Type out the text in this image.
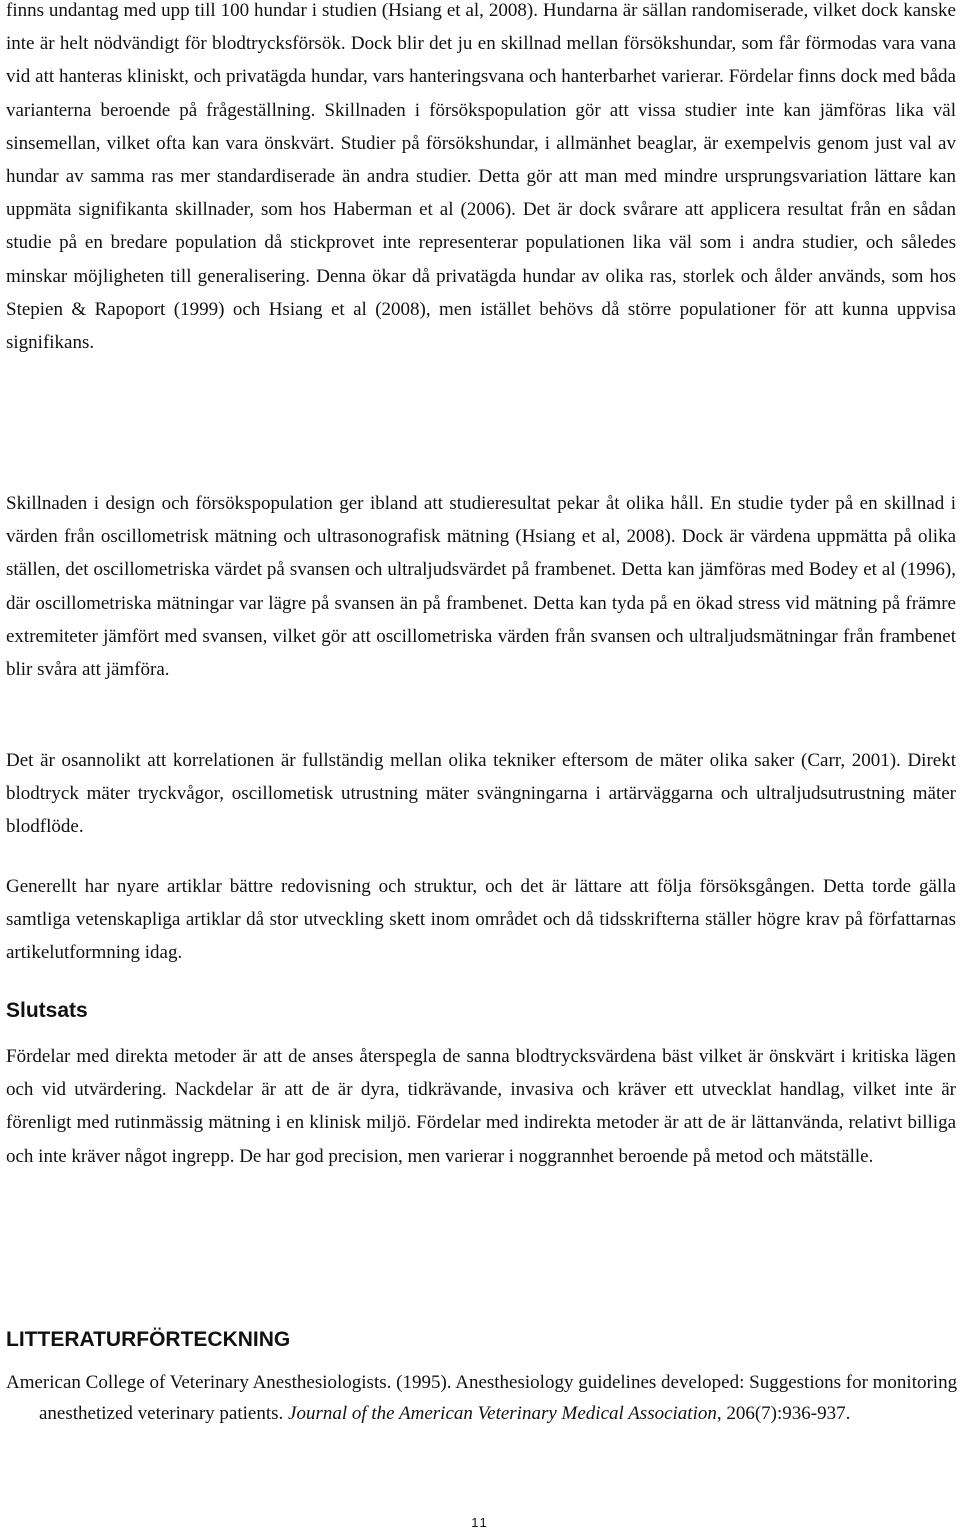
finns undantag med upp till 100 hundar i studien (Hsiang et al, 2008). Hundarna är sällan randomiserade, vilket dock kanske inte är helt nödvändigt för blodtrycksförsök. Dock blir det ju en skillnad mellan försökshundar, som får förmodas vara vana vid att hanteras kliniskt, och privatägda hundar, vars hanteringsvana och hanterbarhet varierar. Fördelar finns dock med båda varianterna beroende på frågeställning. Skillnaden i försökspopulation gör att vissa studier inte kan jämföras lika väl sinsemellan, vilket ofta kan vara önskvärt. Studier på försökshundar, i allmänhet beaglar, är exempelvis genom just val av hundar av samma ras mer standardiserade än andra studier. Detta gör att man med mindre ursprungsvariation lättare kan uppmäta signifikanta skillnader, som hos Haberman et al (2006). Det är dock svårare att applicera resultat från en sådan studie på en bredare population då stickprovet inte representerar populationen lika väl som i andra studier, och således minskar möjligheten till generalisering. Denna ökar då privatägda hundar av olika ras, storlek och ålder används, som hos Stepien & Rapoport (1999) och Hsiang et al (2008), men istället behövs då större populationer för att kunna uppvisa signifikans.

Skillnaden i design och försökspopulation ger ibland att studieresultat pekar åt olika håll. En studie tyder på en skillnad i värden från oscillometrisk mätning och ultrasonografisk mätning (Hsiang et al, 2008). Dock är värdena uppmätta på olika ställen, det oscillometriska värdet på svansen och ultraljudsvärdet på frambenet. Detta kan jämföras med Bodey et al (1996), där oscillometriska mätningar var lägre på svansen än på frambenet. Detta kan tyda på en ökad stress vid mätning på främre extremiteter jämfört med svansen, vilket gör att oscillometriska värden från svansen och ultraljudsmätningar från frambenet blir svåra att jämföra.

Det är osannolikt att korrelationen är fullständig mellan olika tekniker eftersom de mäter olika saker (Carr, 2001). Direkt blodtryck mäter tryckvågor, oscillometisk utrustning mäter svängningarna i artärväggarna och ultraljudsutrustning mäter blodflöde.

Generellt har nyare artiklar bättre redovisning och struktur, och det är lättare att följa försöksgången. Detta torde gälla samtliga vetenskapliga artiklar då stor utveckling skett inom området och då tidsskrifterna ställer högre krav på författarnas artikelutformning idag.

Slutsats

Fördelar med direkta metoder är att de anses återspegla de sanna blodtrycksvärdena bäst vilket är önskvärt i kritiska lägen och vid utvärdering. Nackdelar är att de är dyra, tidkrävande, invasiva och kräver ett utvecklat handlag, vilket inte är förenligt med rutinmässig mätning i en klinisk miljö. Fördelar med indirekta metoder är att de är lättanvända, relativt billiga och inte kräver något ingrepp. De har god precision, men varierar i noggrannhet beroende på metod och mätställe.

LITTERATURFÖRTECKNING

American College of Veterinary Anesthesiologists. (1995). Anesthesiology guidelines developed: Suggestions for monitoring anesthetized veterinary patients. Journal of the American Veterinary Medical Association, 206(7):936-937.

11
